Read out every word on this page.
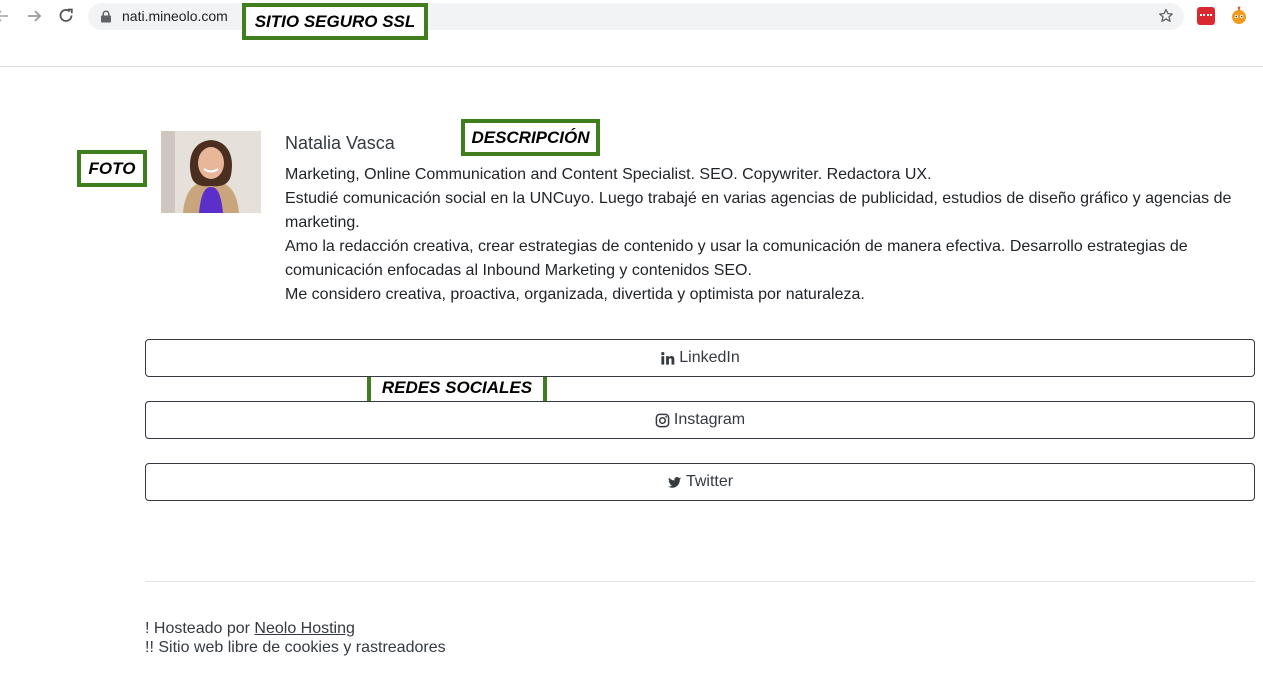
nati.mineolo.com	SITIO SEGURO SSL
FOTO
DESCRIPCIÓN
REDES SOCIALES
Natalia Vasca

Marketing, Online Communication and Content Specialist. SEO. Copywriter. Redactora UX.

Estudié comunicación social en la UNCuyo. Luego trabajé en varias agencias de publicidad, estudios de diseño gráfico y agencias de marketing.

Amo la redacción creativa, crear estrategias de contenido y usar la comunicación de manera efectiva. Desarrollo estrategias de comunicación enfocadas al Inbound Marketing y contenidos SEO.

Me considero creativa, proactiva, organizada, divertida y optimista por naturaleza.

LinkedIn
Instagram
Twitter
! Hosteado por Neolo Hosting
!! Sitio web libre de cookies y rastreadores
